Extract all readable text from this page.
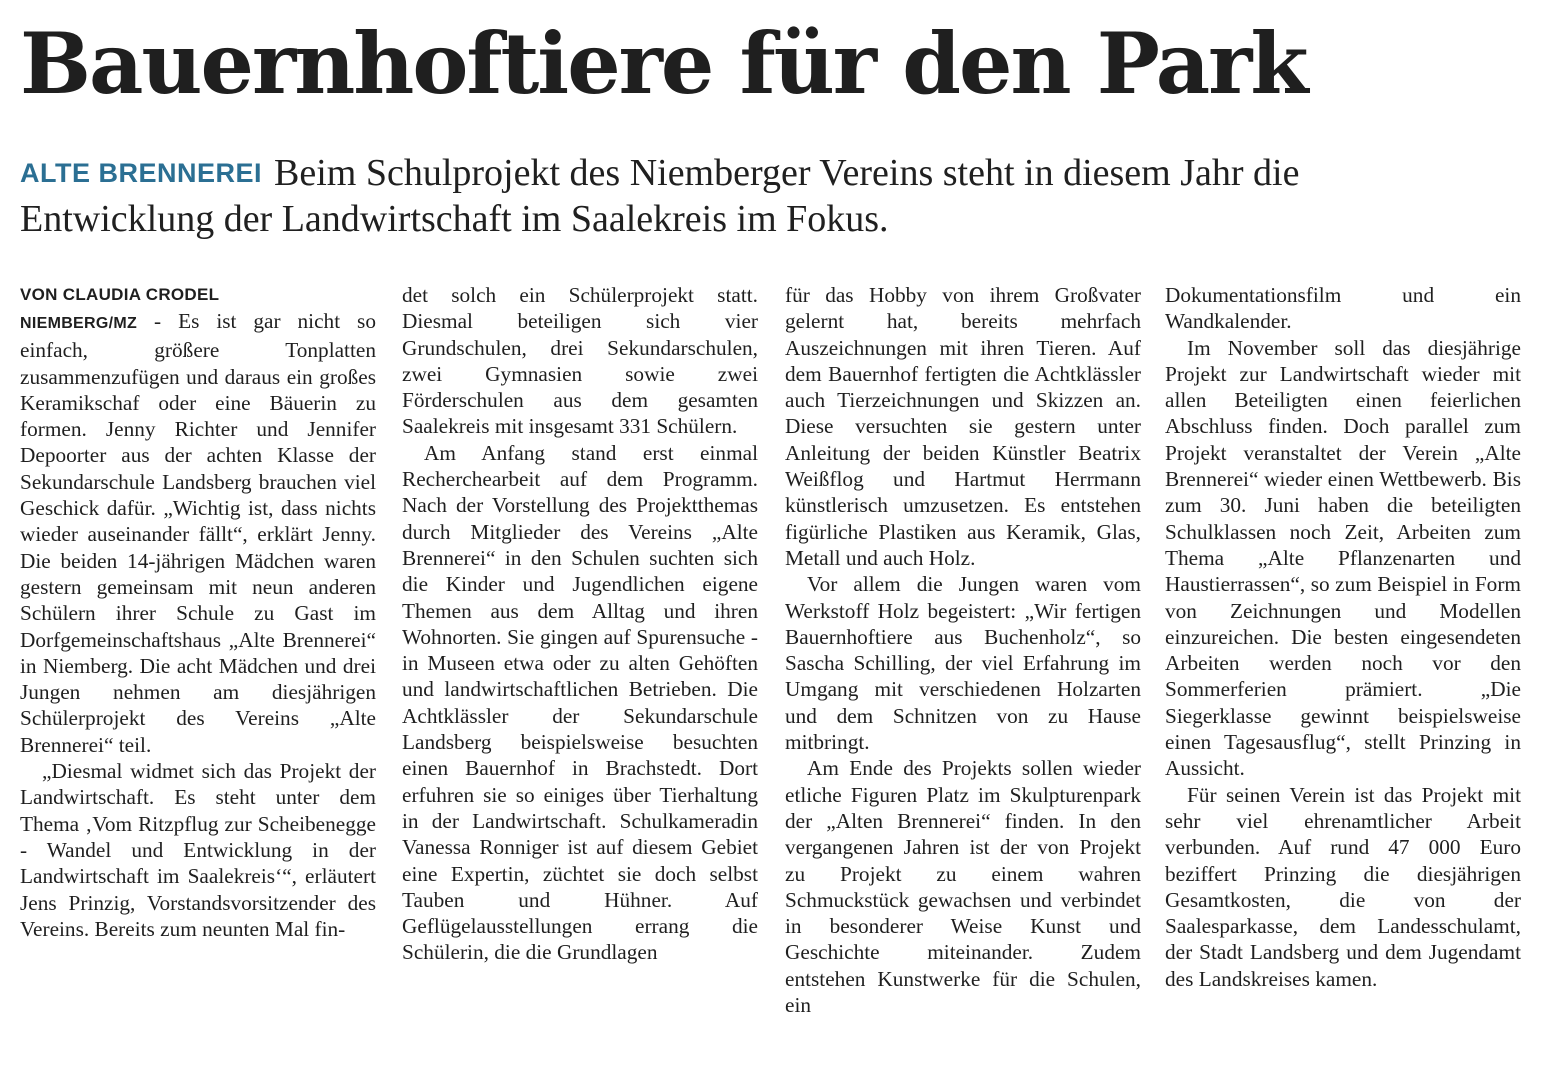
Bauernhoftiere für den Park
ALTE BRENNEREI Beim Schulprojekt des Niemberger Vereins steht in diesem Jahr die Entwicklung der Landwirtschaft im Saalekreis im Fokus.

VON CLAUDIA CRODEL

NIEMBERG/MZ - Es ist gar nicht so einfach, größere Tonplatten zusammenzufügen und daraus ein großes Keramikschaf oder eine Bäuerin zu formen. Jenny Richter und Jennifer Depoorter aus der achten Klasse der Sekundarschule Landsberg brauchen viel Geschick dafür. „Wichtig ist, dass nichts wieder auseinander fällt“, erklärt Jenny. Die beiden 14-jährigen Mädchen waren gestern gemeinsam mit neun anderen Schülern ihrer Schule zu Gast im Dorfgemeinschaftshaus „Alte Brennerei“ in Niemberg. Die acht Mädchen und drei Jungen nehmen am diesjährigen Schülerprojekt des Vereins „Alte Brennerei“ teil.

„Diesmal widmet sich das Projekt der Landwirtschaft. Es steht unter dem Thema ‚Vom Ritzpflug zur Scheibenegge - Wandel und Entwicklung in der Landwirtschaft im Saalekreis‘“, erläutert Jens Prinzig, Vorstandsvorsitzender des Vereins. Bereits zum neunten Mal fin-

det solch ein Schülerprojekt statt. Diesmal beteiligen sich vier Grundschulen, drei Sekundarschulen, zwei Gymnasien sowie zwei Förderschulen aus dem gesamten Saalekreis mit insgesamt 331 Schülern.

Am Anfang stand erst einmal Recherchearbeit auf dem Programm. Nach der Vorstellung des Projektthemas durch Mitglieder des Vereins „Alte Brennerei“ in den Schulen suchten sich die Kinder und Jugendlichen eigene Themen aus dem Alltag und ihren Wohnorten. Sie gingen auf Spurensuche - in Museen etwa oder zu alten Gehöften und landwirtschaftlichen Betrieben. Die Achtklässler der Sekundarschule Landsberg beispielsweise besuchten einen Bauernhof in Brachstedt. Dort erfuhren sie so einiges über Tierhaltung in der Landwirtschaft. Schulkameradin Vanessa Ronniger ist auf diesem Gebiet eine Expertin, züchtet sie doch selbst Tauben und Hühner. Auf Geflügelausstellungen errang die Schülerin, die die Grundlagen

für das Hobby von ihrem Großvater gelernt hat, bereits mehrfach Auszeichnungen mit ihren Tieren. Auf dem Bauernhof fertigten die Achtklässler auch Tierzeichnungen und Skizzen an. Diese versuchten sie gestern unter Anleitung der beiden Künstler Beatrix Weißflog und Hartmut Herrmann künstlerisch umzusetzen. Es entstehen figürliche Plastiken aus Keramik, Glas, Metall und auch Holz.

Vor allem die Jungen waren vom Werkstoff Holz begeistert: „Wir fertigen Bauernhoftiere aus Buchenholz“, so Sascha Schilling, der viel Erfahrung im Umgang mit verschiedenen Holzarten und dem Schnitzen von zu Hause mitbringt.

Am Ende des Projekts sollen wieder etliche Figuren Platz im Skulpturenpark der „Alten Brennerei“ finden. In den vergangenen Jahren ist der von Projekt zu Projekt zu einem wahren Schmuckstück gewachsen und verbindet in besonderer Weise Kunst und Geschichte miteinander. Zudem entstehen Kunstwerke für die Schulen, ein

Dokumentationsfilm und ein Wandkalender.

Im November soll das diesjährige Projekt zur Landwirtschaft wieder mit allen Beteiligten einen feierlichen Abschluss finden. Doch parallel zum Projekt veranstaltet der Verein „Alte Brennerei“ wieder einen Wettbewerb. Bis zum 30. Juni haben die beteiligten Schulklassen noch Zeit, Arbeiten zum Thema „Alte Pflanzenarten und Haustierrassen“, so zum Beispiel in Form von Zeichnungen und Modellen einzureichen. Die besten eingesendeten Arbeiten werden noch vor den Sommerferien prämiert. „Die Siegerklasse gewinnt beispielsweise einen Tagesausflug“, stellt Prinzing in Aussicht.

Für seinen Verein ist das Projekt mit sehr viel ehrenamtlicher Arbeit verbunden. Auf rund 47 000 Euro beziffert Prinzing die diesjährigen Gesamtkosten, die von der Saalesparkasse, dem Landesschulamt, der Stadt Landsberg und dem Jugendamt des Landskreises kamen.
